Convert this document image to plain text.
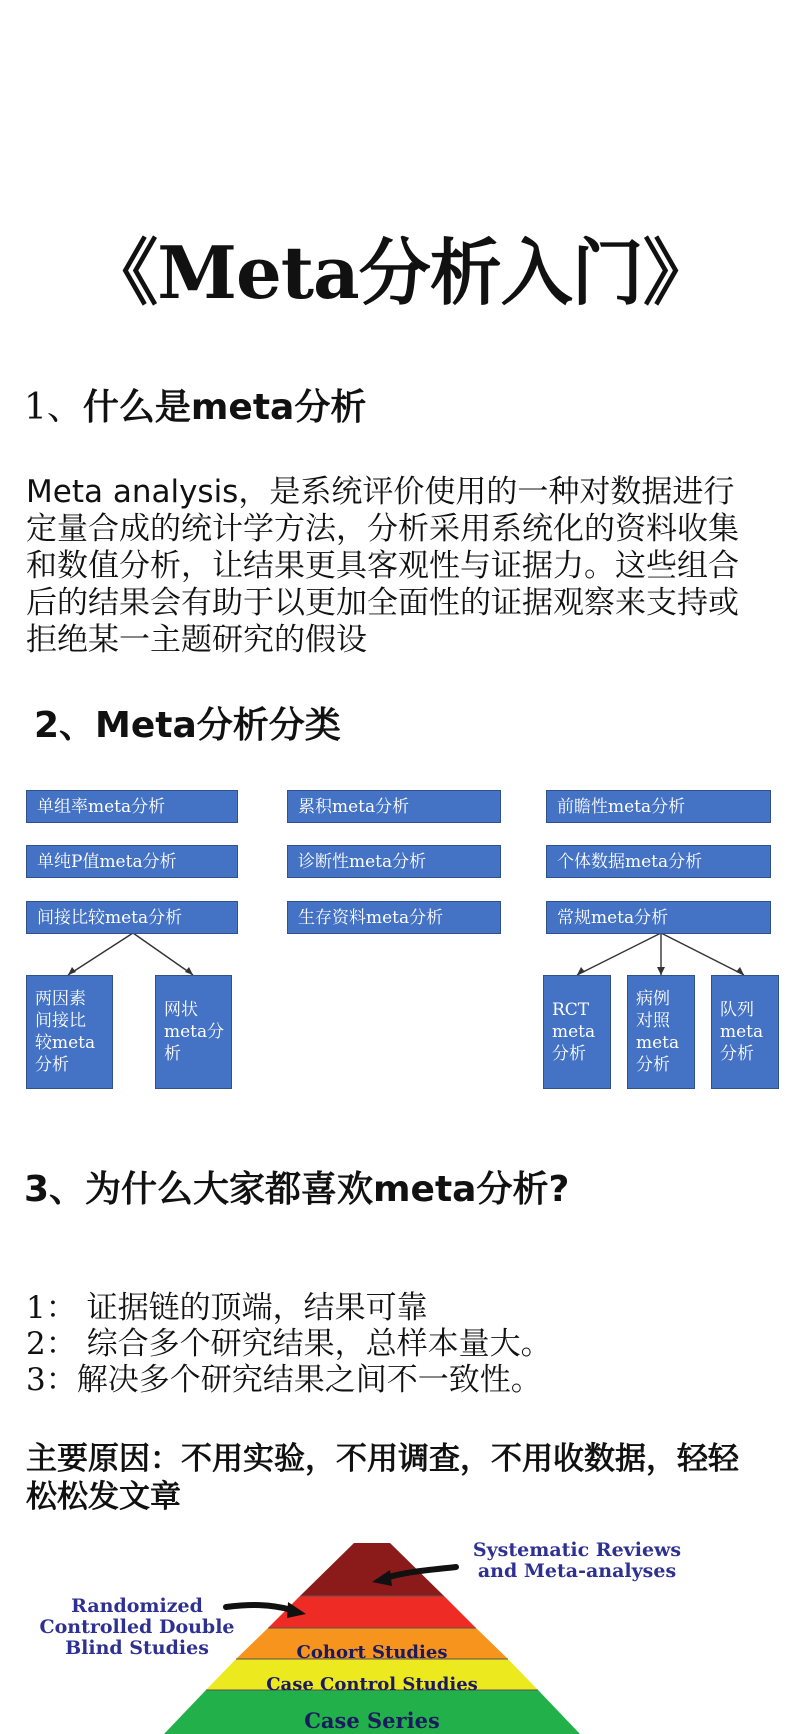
《Meta分析入门》
1、什么是meta分析
Meta analysis，是系统评价使用的一种对数据进行
定量合成的统计学方法，分析采用系统化的资料收集
和数值分析，让结果更具客观性与证据力。这些组合
后的结果会有助于以更加全面性的证据观察来支持或
拒绝某一主题研究的假设
2、Meta分析分类
单组率meta分析
单纯P值meta分析
间接比较meta分析
累积meta分析
诊断性meta分析
生存资料meta分析
前瞻性meta分析
个体数据meta分析
常规meta分析
两因素
间接比
较meta
分析
网状
meta分
析
RCT
meta
分析
病例
对照
meta
分析
队列
meta
分析
3、为什么大家都喜欢meta分析?
1： 证据链的顶端，结果可靠
2： 综合多个研究结果，总样本量大。
3：解决多个研究结果之间不一致性。
主要原因：不用实验，不用调查，不用收数据，轻轻
松松发文章
Systematic Reviews
and Meta-analyses
Randomized
Controlled Double
Blind Studies	Cohort Studies
Case Control Studies
Case Series
